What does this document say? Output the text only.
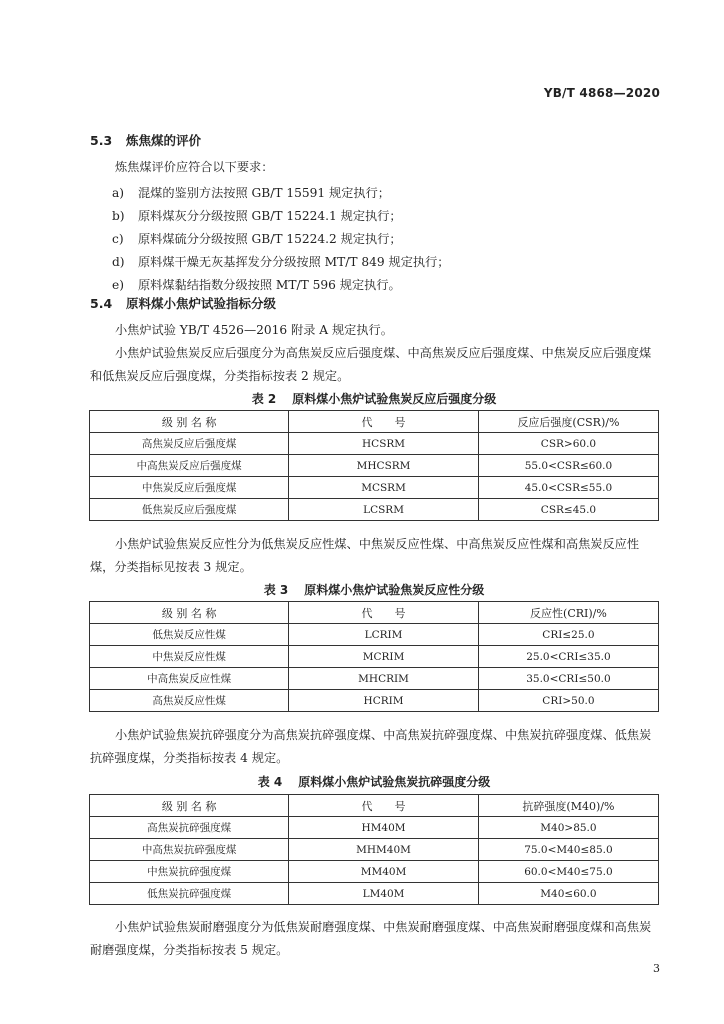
YB/T 4868—2020
5.3 炼焦煤的评价
炼焦煤评价应符合以下要求：
a) 混煤的鉴别方法按照 GB/T 15591 规定执行；
b) 原料煤灰分分级按照 GB/T 15224.1 规定执行；
c) 原料煤硫分分级按照 GB/T 15224.2 规定执行；
d) 原料煤干燥无灰基挥发分分级按照 MT/T 849 规定执行；
e) 原料煤黏结指数分级按照 MT/T 596 规定执行。
5.4 原料煤小焦炉试验指标分级
小焦炉试验 YB/T 4526—2016 附录 A 规定执行。
小焦炉试验焦炭反应后强度分为高焦炭反应后强度煤、中高焦炭反应后强度煤、中焦炭反应后强度煤和低焦炭反应后强度煤，分类指标按表 2 规定。
表 2 原料煤小焦炉试验焦炭反应后强度分级
级 别 名 称	代　　号	反应后强度(CSR)/%
高焦炭反应后强度煤	HCSRM	CSR>60.0
中高焦炭反应后强度煤	MHCSRM	55.0<CSR≤60.0
中焦炭反应后强度煤	MCSRM	45.0<CSR≤55.0
低焦炭反应后强度煤	LCSRM	CSR≤45.0
小焦炉试验焦炭反应性分为低焦炭反应性煤、中焦炭反应性煤、中高焦炭反应性煤和高焦炭反应性煤，分类指标见按表 3 规定。
表 3 原料煤小焦炉试验焦炭反应性分级
级 别 名 称	代　　号	反应性(CRI)/%
低焦炭反应性煤	LCRIM	CRI≤25.0
中焦炭反应性煤	MCRIM	25.0<CRI≤35.0
中高焦炭反应性煤	MHCRIM	35.0<CRI≤50.0
高焦炭反应性煤	HCRIM	CRI>50.0
小焦炉试验焦炭抗碎强度分为高焦炭抗碎强度煤、中高焦炭抗碎强度煤、中焦炭抗碎强度煤、低焦炭抗碎强度煤，分类指标按表 4 规定。
表 4 原料煤小焦炉试验焦炭抗碎强度分级
级 别 名 称	代　　号	抗碎强度(M40)/%
高焦炭抗碎强度煤	HM40M	M40>85.0
中高焦炭抗碎强度煤	MHM40M	75.0<M40≤85.0
中焦炭抗碎强度煤	MM40M	60.0<M40≤75.0
低焦炭抗碎强度煤	LM40M	M40≤60.0
小焦炉试验焦炭耐磨强度分为低焦炭耐磨强度煤、中焦炭耐磨强度煤、中高焦炭耐磨强度煤和高焦炭耐磨强度煤，分类指标按表 5 规定。
3
